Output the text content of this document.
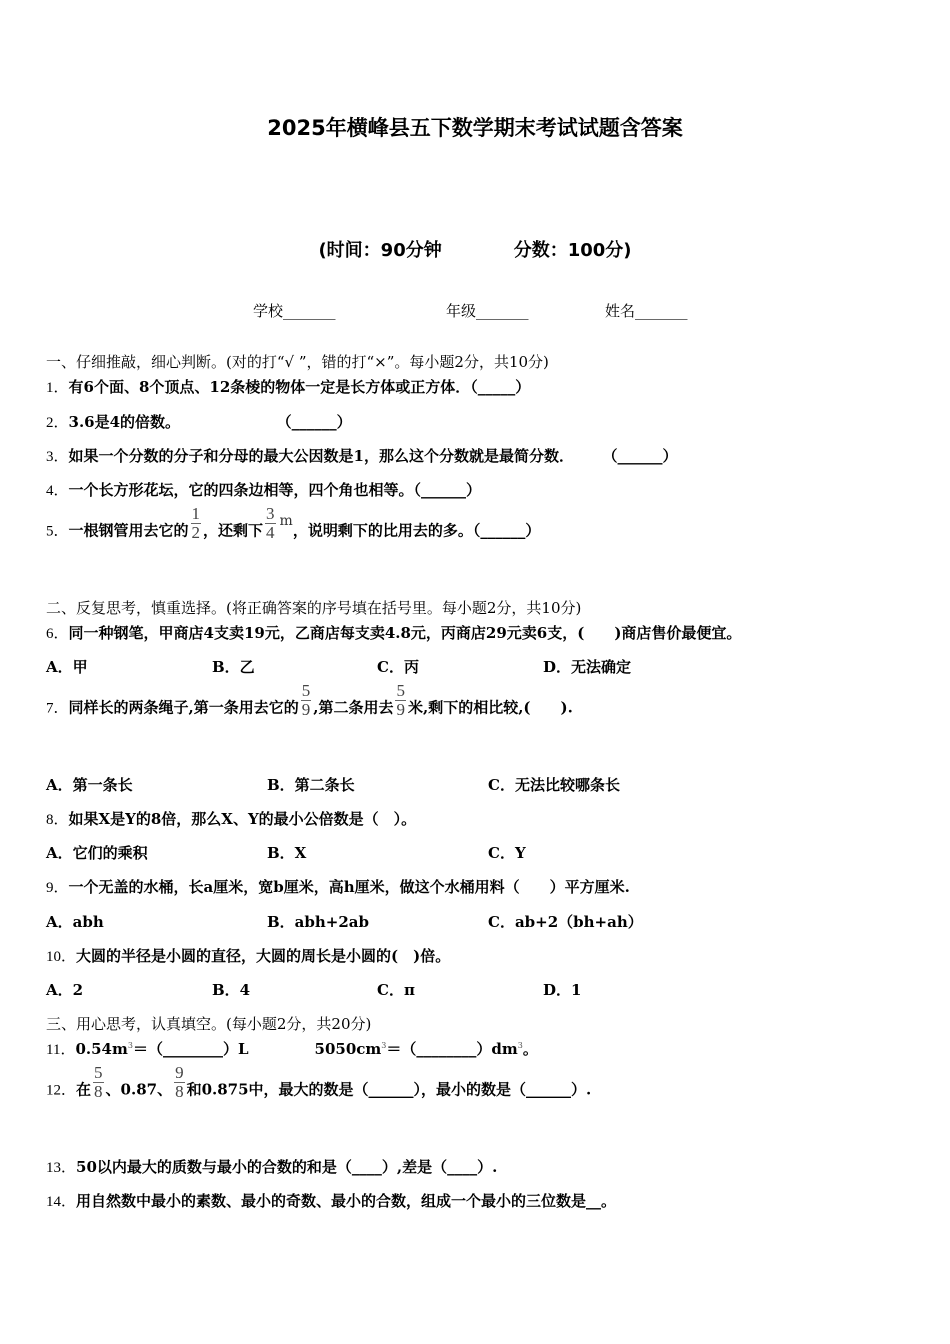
2025年横峰县五下数学期末考试试题含答案
(时间：90分钟	分数：100分)
学校_______	年级_______	姓名_______
一、仔细推敲，细心判断。(对的打“√ ”，错的打“×”。每小题2分，共10分)
1．有6个面、8个顶点、12条棱的物体一定是长方体或正方体．（_____）
2．3.6是4的倍数。	（______）
3．如果一个分数的分子和分母的最大公因数是1，那么这个分数就是最简分数． （______）
4．一个长方形花坛，它的四条边相等，四个角也相等。（______）
5．一根钢管用去它的 $\frac{1}{2}$ ，还剩下 $\frac{3}{4}$ m，说明剩下的比用去的多。（______）
二、反复思考，慎重选择。(将正确答案的序号填在括号里。每小题2分，共10分)
6．同一种钢笔，甲商店4支卖19元，乙商店每支卖4.8元，丙商店29元卖6支，(　　)商店售价最便宜。
A．甲	B．乙	C．丙	D．无法确定
7．同样长的两条绳子,第一条用去它的 $\frac{5}{9}$ ,第二条用去 $\frac{5}{9}$ 米,剩下的相比较,(　　).
A．第一条长	B．第二条长	C．无法比较哪条长
8．如果X是Y的8倍，那么X、Y的最小公倍数是（　）。
A．它们的乘积	B．X	C．Y
9．一个无盖的水桶，长a厘米，宽b厘米，高h厘米，做这个水桶用料（　　）平方厘米.
A．abh	B．abh+2ab	C．ab+2（bh+ah）
10．大圆的半径是小圆的直径，大圆的周长是小圆的(　)倍。
A．2	B．4	C．π	D．1
三、用心思考，认真填空。(每小题2分，共20分)
11．$0.54m^3=(\_\_\_\_\_\_\_\_)L$	$5050cm^3=(\_\_\_\_\_\_\_\_)dm^3$。
12．在 $\frac{5}{8}$ 、0.87、 $\frac{9}{8}$ 和0.875中，最大的数是（______），最小的数是（______）.
13．50以内最大的质数与最小的合数的和是（____）,差是（____）.
14．用自然数中最小的素数、最小的奇数、最小的合数，组成一个最小的三位数是__。
